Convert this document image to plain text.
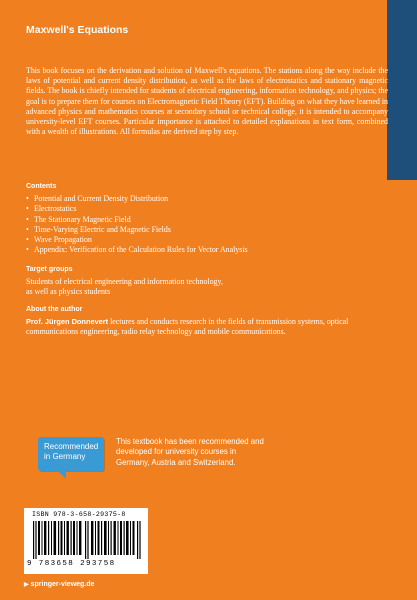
Maxwell's Equations

This book focuses on the derivation and solution of Maxwell's equations. The stations along the way include the laws of potential and current density distribution, as well as the laws of electrostatics and stationary magnetic fields. The book is chiefly intended for students of electrical engineering, information technology, and physics; the goal is to prepare them for courses on Electromagnetic Field Theory (EFT). Building on what they have learned in advanced physics and mathematics courses at secondary school or technical college, it is intended to accompany university-level EFT courses. Particular importance is attached to detailed explanations in text form, combined with a wealth of illustrations. All formulas are derived step by step.

Contents

• Potential and Current Density Distribution
• Electrostatics
• The Stationary Magnetic Field
• Time-Varying Electric and Magnetic Fields
• Wave Propagation
• Appendix: Verification of the Calculation Rules for Vector Analysis

Target groups

Students of electrical engineering and information technology,

as well as physics students

About the author

Prof. Jürgen Donnevert lectures and conducts research in the fields of transmission systems, optical communications engineering, radio relay technology and mobile communications.

Recommended
in Germany

This textbook has been recommended and developed for university courses in Germany, Austria and Switzerland.

ISBN 978-3-658-29375-8

9 783658 293758

▶ springer-vieweg.de
